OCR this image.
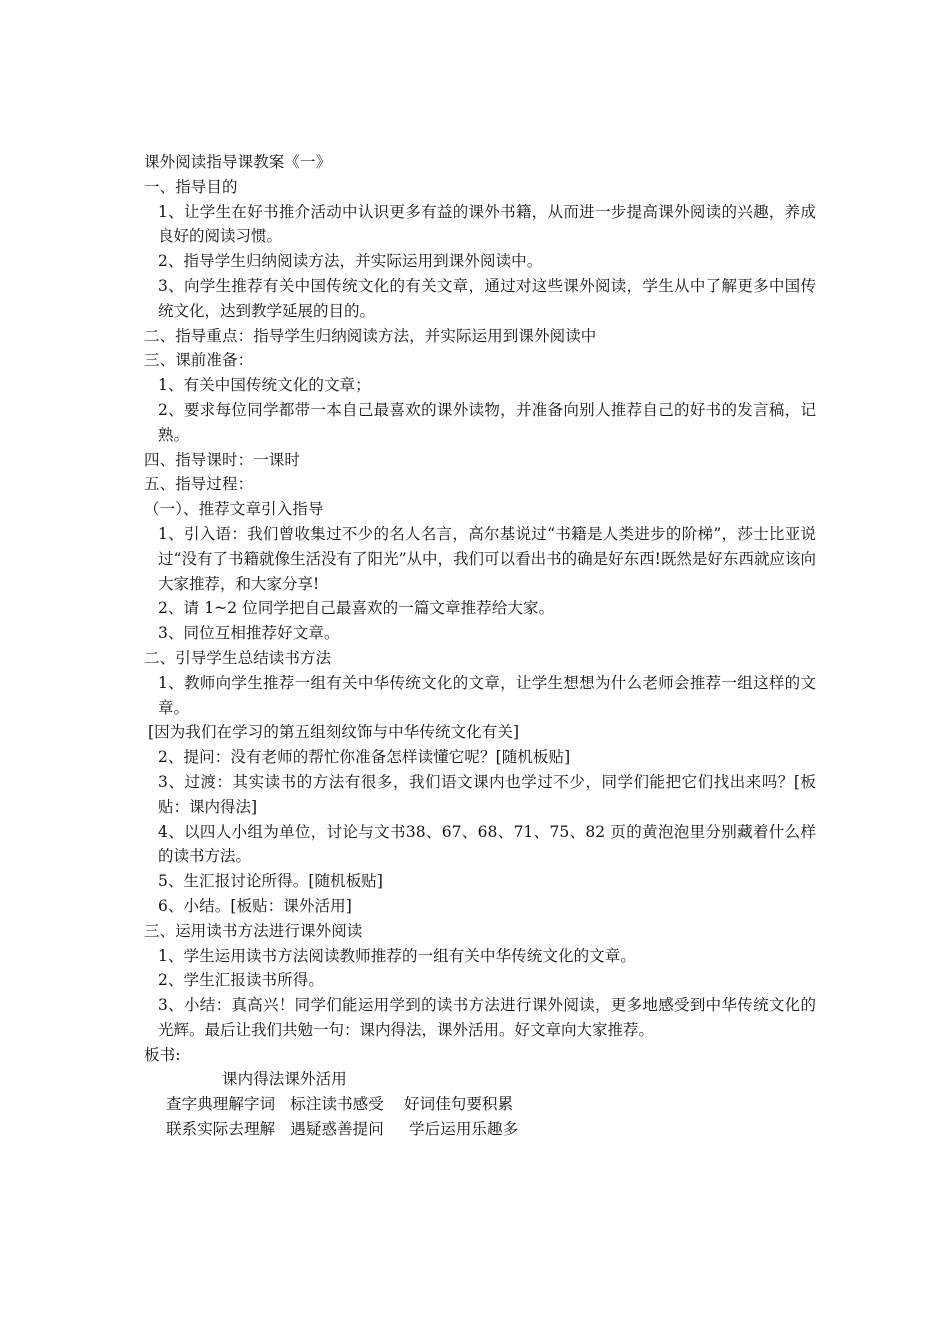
课外阅读指导课教案《一》
一、指导目的
1、让学生在好书推介活动中认识更多有益的课外书籍，从而进一步提高课外阅读的兴趣，养成良好的阅读习惯。
2、指导学生归纳阅读方法，并实际运用到课外阅读中。
3、向学生推荐有关中国传统文化的有关文章，通过对这些课外阅读，学生从中了解更多中国传统文化，达到教学延展的目的。
二、指导重点：指导学生归纳阅读方法，并实际运用到课外阅读中
三、课前准备：
1、有关中国传统文化的文章；
2、要求每位同学都带一本自己最喜欢的课外读物，并准备向别人推荐自己的好书的发言稿，记熟。
四、指导课时：一课时
五、指导过程：
（一）、推荐文章引入指导
1、引入语：我们曾收集过不少的名人名言，高尔基说过“书籍是人类进步的阶梯”，莎士比亚说过“没有了书籍就像生活没有了阳光”从中，我们可以看出书的确是好东西!既然是好东西就应该向大家推荐，和大家分享!
2、请 1~2 位同学把自己最喜欢的一篇文章推荐给大家。
3、同位互相推荐好文章。
二、引导学生总结读书方法
1、教师向学生推荐一组有关中华传统文化的文章，让学生想想为什么老师会推荐一组这样的文章。
[因为我们在学习的第五组刻纹饰与中华传统文化有关]
2、提问：没有老师的帮忙你准备怎样读懂它呢？[随机板贴]
3、过渡：其实读书的方法有很多，我们语文课内也学过不少，同学们能把它们找出来吗？[板贴：课内得法]
4、以四人小组为单位，讨论与文书38、67、68、71、75、82 页的黄泡泡里分别藏着什么样的读书方法。
5、生汇报讨论所得。[随机板贴]
6、小结。[板贴：课外活用]
三、运用读书方法进行课外阅读
1、学生运用读书方法阅读教师推荐的一组有关中华传统文化的文章。
2、学生汇报读书所得。
3、小结：真高兴！同学们能运用学到的读书方法进行课外阅读，更多地感受到中华传统文化的光辉。最后让我们共勉一句：课内得法，课外活用。好文章向大家推荐。
板书:
课内得法课外活用
查字典理解字词   标注读书感受    好词佳句要积累
联系实际去理解   遇疑惑善提问     学后运用乐趣多
